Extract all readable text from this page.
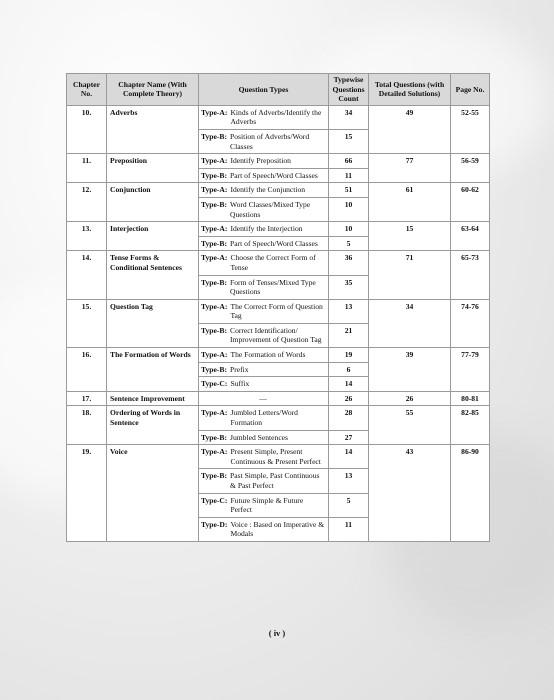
Chapter No.	Chapter Name (With Complete Theory)	Question Types	Typewise Questions Count	Total Questions (with Detailed Solutions)	Page No.
10.	Adverbs	Type-A: Kinds of Adverbs/Identify the Adverbs	34	49	52-55

		Type-B: Position of Adverbs/Word Classes	15		
11.	Preposition	Type-A: Identify Preposition	66	77	56-59

		Type-B: Part of Speech/Word Classes	11		
12.	Conjunction	Type-A: Identify the Conjunction	51	61	60-62

		Type-B: Word Classes/Mixed Type Questions	10		
13.	Interjection	Type-A: Identify the Interjection	10	15	63-64

		Type-B: Part of Speech/Word Classes	5		
14.	Tense Forms & Conditional Sentences	Type-A: Choose the Correct Form of Tense	36	71	65-73

		Type-B: Form of Tenses/Mixed Type Questions	35		
15.	Question Tag	Type-A: The Correct Form of Question Tag	13	34	74-76

		Type-B: Correct Identification/ Improvement of Question Tag	21		
16.	The Formation of Words	Type-A: The Formation of Words	19	39	77-79

		Type-B: Prefix	6		

		Type-C: Suffix	14		
17.	Sentence Improvement	—	26	26	80-81
18.	Ordering of Words in Sentence	Type-A: Jumbled Letters/Word Formation	28	55	82-85

		Type-B: Jumbled Sentences	27		
19.	Voice	Type-A: Present Simple, Present Continuous & Present Perfect	14	43	86-90

		Type-B: Past Simple, Past Continuous & Past Perfect	13		

		Type-C: Future Simple & Future Perfect	5		

		Type-D: Voice : Based on Imperative & Modals	11		
( iv )
